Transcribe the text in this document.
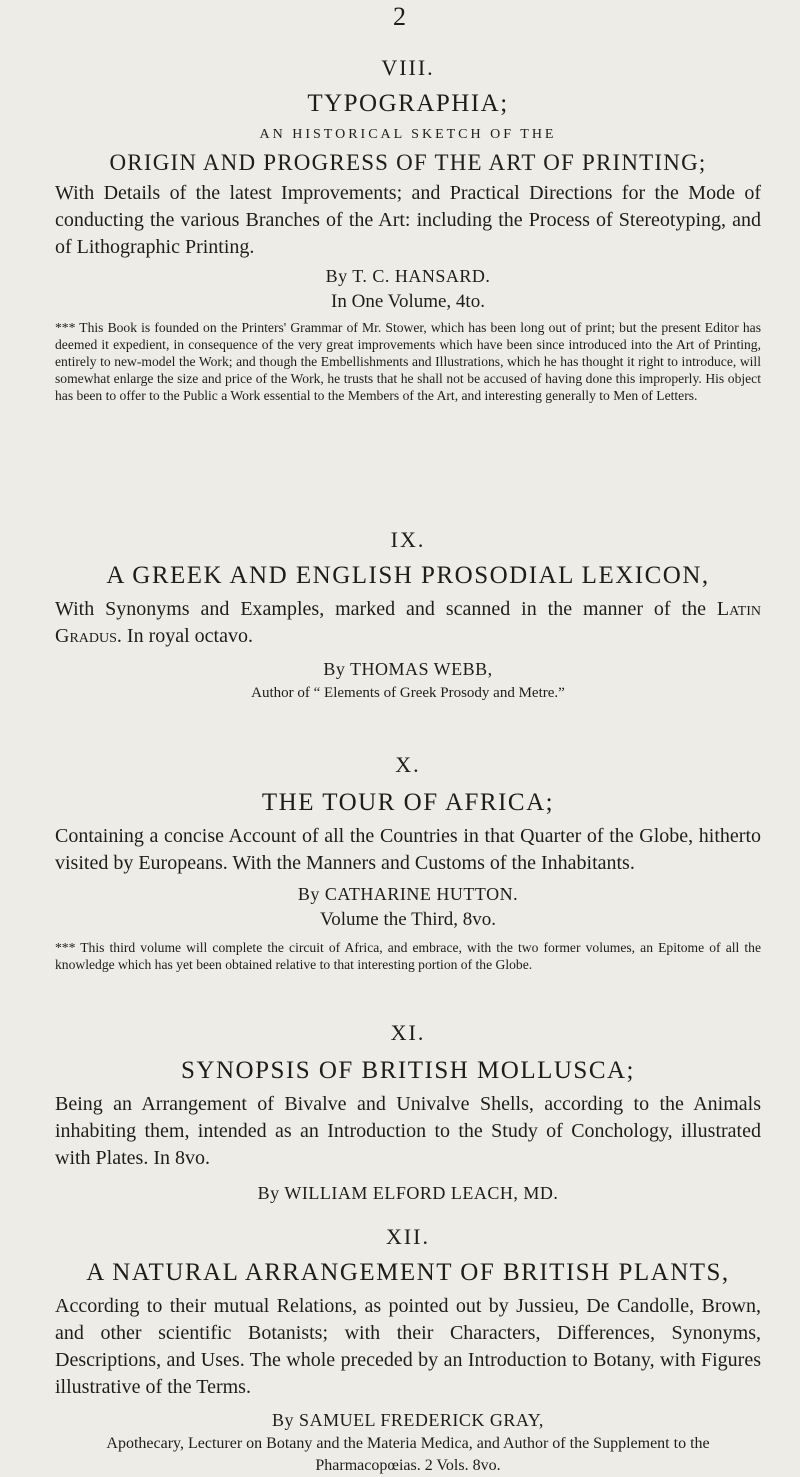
2
VIII.
TYPOGRAPHIA;
AN HISTORICAL SKETCH OF THE
ORIGIN AND PROGRESS OF THE ART OF PRINTING;
With Details of the latest Improvements; and Practical Directions for the Mode of conducting the various Branches of the Art: including the Process of Stereotyping, and of Lithographic Printing.
By T. C. HANSARD.
In One Volume, 4to.
*** This Book is founded on the Printers' Grammar of Mr. Stower, which has been long out of print; but the present Editor has deemed it expedient, in consequence of the very great improvements which have been since introduced into the Art of Printing, entirely to new-model the Work; and though the Embellishments and Illustrations, which he has thought it right to introduce, will somewhat enlarge the size and price of the Work, he trusts that he shall not be accused of having done this improperly. His object has been to offer to the Public a Work essential to the Members of the Art, and interesting generally to Men of Letters.
IX.
A GREEK AND ENGLISH PROSODIAL LEXICON,
With Synonyms and Examples, marked and scanned in the manner of the Latin Gradus. In royal octavo.
By THOMAS WEBB,
Author of “ Elements of Greek Prosody and Metre.”
X.
THE TOUR OF AFRICA;
Containing a concise Account of all the Countries in that Quarter of the Globe, hitherto visited by Europeans. With the Manners and Customs of the Inhabitants.
By CATHARINE HUTTON.
Volume the Third, 8vo.
*** This third volume will complete the circuit of Africa, and embrace, with the two former volumes, an Epitome of all the knowledge which has yet been obtained relative to that interesting portion of the Globe.
XI.
SYNOPSIS OF BRITISH MOLLUSCA;
Being an Arrangement of Bivalve and Univalve Shells, according to the Animals inhabiting them, intended as an Introduction to the Study of Conchology, illustrated with Plates. In 8vo.
By WILLIAM ELFORD LEACH, MD.
XII.
A NATURAL ARRANGEMENT OF BRITISH PLANTS,
According to their mutual Relations, as pointed out by Jussieu, De Candolle, Brown, and other scientific Botanists; with their Characters, Differences, Synonyms, Descriptions, and Uses. The whole preceded by an Introduction to Botany, with Figures illustrative of the Terms.
By SAMUEL FREDERICK GRAY,
Apothecary, Lecturer on Botany and the Materia Medica, and Author of the Supplement to the Pharmacopœias. 2 Vols. 8vo.
